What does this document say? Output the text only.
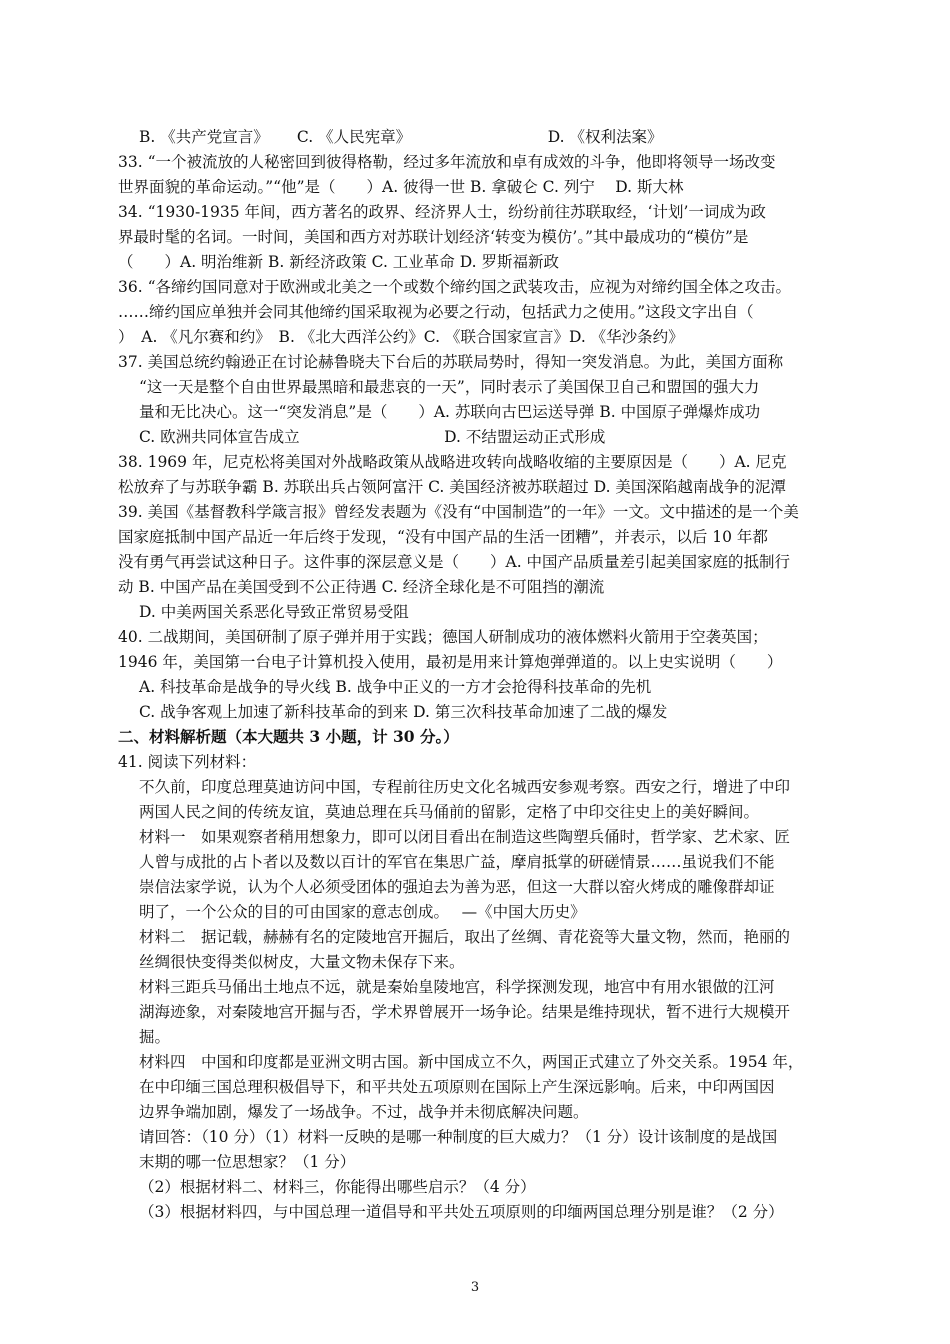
B. 《共产党宣言》　　 C. 《人民宪章》　　　　　　　　　 D. 《权利法案》
33. “一个被流放的人秘密回到彼得格勒，经过多年流放和卓有成效的斗争，他即将领导一场改变
世界面貌的革命运动。”“他”是（　　）A. 彼得一世 B. 拿破仑 C. 列宁　 D. 斯大林
34. “1930-1935 年间，西方著名的政界、经济界人士，纷纷前往苏联取经，‘计划’一词成为政
界最时髦的名词。一时间，美国和西方对苏联计划经济‘转变为模仿’。”其中最成功的“模仿”是
（　　）A. 明治维新 B. 新经济政策 C. 工业革命 D. 罗斯福新政
36. “各缔约国同意对于欧洲或北美之一个或数个缔约国之武装攻击，应视为对缔约国全体之攻击。
……缔约国应单独并会同其他缔约国采取视为必要之行动，包括武力之使用。”这段文字出自（
）　A. 《凡尔赛和约》　B. 《北大西洋公约》C. 《联合国家宣言》D. 《华沙条约》
37. 美国总统约翰逊正在讨论赫鲁晓夫下台后的苏联局势时，得知一突发消息。为此，美国方面称
“这一天是整个自由世界最黑暗和最悲哀的一天”，同时表示了美国保卫自己和盟国的强大力
量和无比决心。这一“突发消息”是（　　）A. 苏联向古巴运送导弹 B. 中国原子弹爆炸成功
C. 欧洲共同体宣告成立　　　　　　　　　 D. 不结盟运动正式形成
38. 1969 年，尼克松将美国对外战略政策从战略进攻转向战略收缩的主要原因是（　　）A. 尼克
松放弃了与苏联争霸 B. 苏联出兵占领阿富汗 C. 美国经济被苏联超过 D. 美国深陷越南战争的泥潭
39. 美国《基督教科学箴言报》曾经发表题为《没有“中国制造”的一年》一文。文中描述的是一个美
国家庭抵制中国产品近一年后终于发现，“没有中国产品的生活一团糟”，并表示，以后 10 年都
没有勇气再尝试这种日子。这件事的深层意义是（　　）A. 中国产品质量差引起美国家庭的抵制行
动 B. 中国产品在美国受到不公正待遇 C. 经济全球化是不可阻挡的潮流
D. 中美两国关系恶化导致正常贸易受阻
40. 二战期间，美国研制了原子弹并用于实践；德国人研制成功的液体燃料火箭用于空袭英国；
1946 年，美国第一台电子计算机投入使用，最初是用来计算炮弹弹道的。以上史实说明（　　）
A. 科技革命是战争的导火线 B. 战争中正义的一方才会抢得科技革命的先机
C. 战争客观上加速了新科技革命的到来 D. 第三次科技革命加速了二战的爆发
二、材料解析题（本大题共 3 小题，计 30 分。）
41. 阅读下列材料：
不久前，印度总理莫迪访问中国，专程前往历史文化名城西安参观考察。西安之行，增进了中印
两国人民之间的传统友谊，莫迪总理在兵马俑前的留影，定格了中印交往史上的美好瞬间。
材料一　如果观察者稍用想象力，即可以闭目看出在制造这些陶塑兵俑时，哲学家、艺术家、匠
人曾与成批的占卜者以及数以百计的军官在集思广益，摩肩抵掌的研磋情景……虽说我们不能
崇信法家学说，认为个人必须受团体的强迫去为善为恶，但这一大群以窑火烤成的雕像群却证
明了，一个公众的目的可由国家的意志创成。　 —《中国大历史》
材料二　据记载，赫赫有名的定陵地宫开掘后，取出了丝绸、青花瓷等大量文物，然而，艳丽的
丝绸很快变得类似树皮，大量文物未保存下来。
材料三距兵马俑出土地点不远，就是秦始皇陵地宫，科学探测发现，地宫中有用水银做的江河
湖海迹象，对秦陵地宫开掘与否，学术界曾展开一场争论。结果是维持现状，暂不进行大规模开
掘。
材料四　中国和印度都是亚洲文明古国。新中国成立不久，两国正式建立了外交关系。1954 年，
在中印缅三国总理积极倡导下，和平共处五项原则在国际上产生深远影响。后来，中印两国因
边界争端加剧，爆发了一场战争。不过，战争并未彻底解决问题。
请回答：（10 分）（1）材料一反映的是哪一种制度的巨大威力？（1 分）设计该制度的是战国
末期的哪一位思想家？（1 分）
（2）根据材料二、材料三，你能得出哪些启示？（4 分）
（3）根据材料四，与中国总理一道倡导和平共处五项原则的印缅两国总理分别是谁？（2 分）
3
